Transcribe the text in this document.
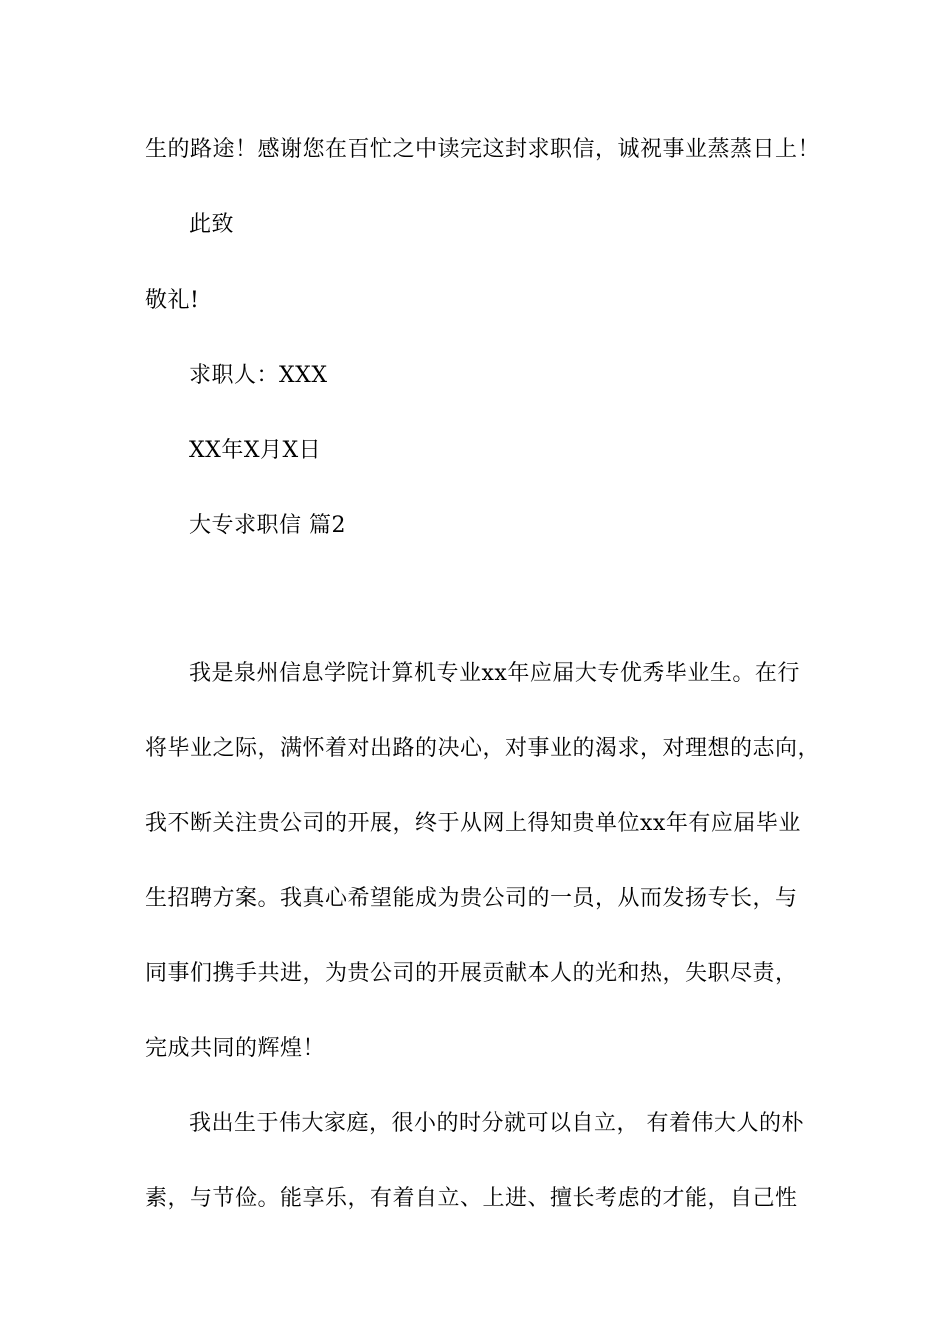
生的路途！感谢您在百忙之中读完这封求职信，诚祝事业蒸蒸日上！
此致
敬礼!
求职人：XXX
XX年X月X日
大专求职信 篇2
我是泉州信息学院计算机专业xx年应届大专优秀毕业生。在行
将毕业之际，满怀着对出路的决心，对事业的渴求，对理想的志向，
我不断关注贵公司的开展，终于从网上得知贵单位xx年有应届毕业
生招聘方案。我真心希望能成为贵公司的一员，从而发扬专长，与
同事们携手共进，为贵公司的开展贡献本人的光和热，失职尽责，
完成共同的辉煌！
我出生于伟大家庭，很小的时分就可以自立， 有着伟大人的朴
素，与节俭。能享乐，有着自立、上进、擅长考虑的才能，自己性
